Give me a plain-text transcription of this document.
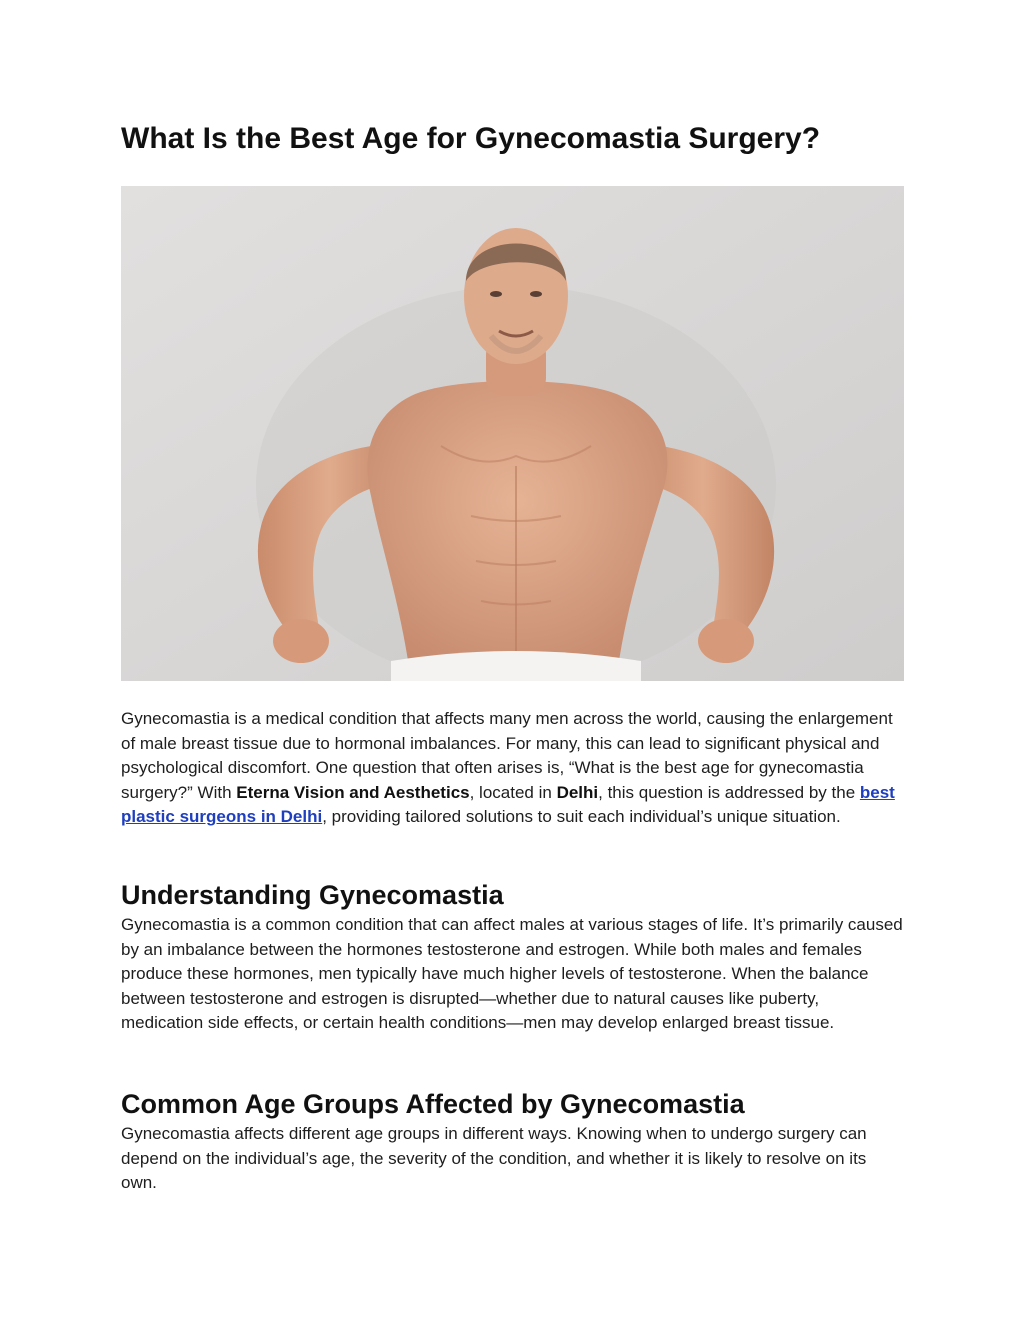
What Is the Best Age for Gynecomastia Surgery?

Gynecomastia is a medical condition that affects many men across the world, causing the enlargement of male breast tissue due to hormonal imbalances. For many, this can lead to significant physical and psychological discomfort. One question that often arises is, “What is the best age for gynecomastia surgery?” With Eterna Vision and Aesthetics, located in Delhi, this question is addressed by the best plastic surgeons in Delhi, providing tailored solutions to suit each individual’s unique situation.

Understanding Gynecomastia

Gynecomastia is a common condition that can affect males at various stages of life. It’s primarily caused by an imbalance between the hormones testosterone and estrogen. While both males and females produce these hormones, men typically have much higher levels of testosterone. When the balance between testosterone and estrogen is disrupted—whether due to natural causes like puberty, medication side effects, or certain health conditions—men may develop enlarged breast tissue.

Common Age Groups Affected by Gynecomastia

Gynecomastia affects different age groups in different ways. Knowing when to undergo surgery can depend on the individual’s age, the severity of the condition, and whether it is likely to resolve on its own.
